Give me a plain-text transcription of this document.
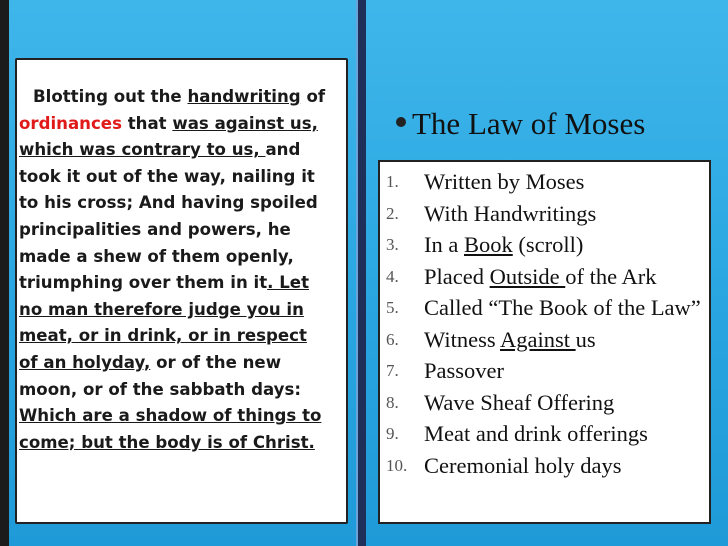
Blotting out the handwriting of
ordinances that was against us,
which was contrary to us, and
took it out of the way, nailing it
to his cross; And having spoiled
principalities and powers, he
made a shew of them openly,
triumphing over them in it. Let
no man therefore judge you in
meat, or in drink, or in respect
of an holyday, or of the new
moon, or of the sabbath days:
Which are a shadow of things to
come; but the body is of Christ.
The Law of Moses
1.	Written by Moses
2.	With Handwritings
3.	In a Book (scroll)
4.	Placed Outside of the Ark
5.	Called “The Book of the Law”
6.	Witness Against us
7.	Passover
8.	Wave Sheaf Offering
9.	Meat and drink offerings
10. Ceremonial holy days
